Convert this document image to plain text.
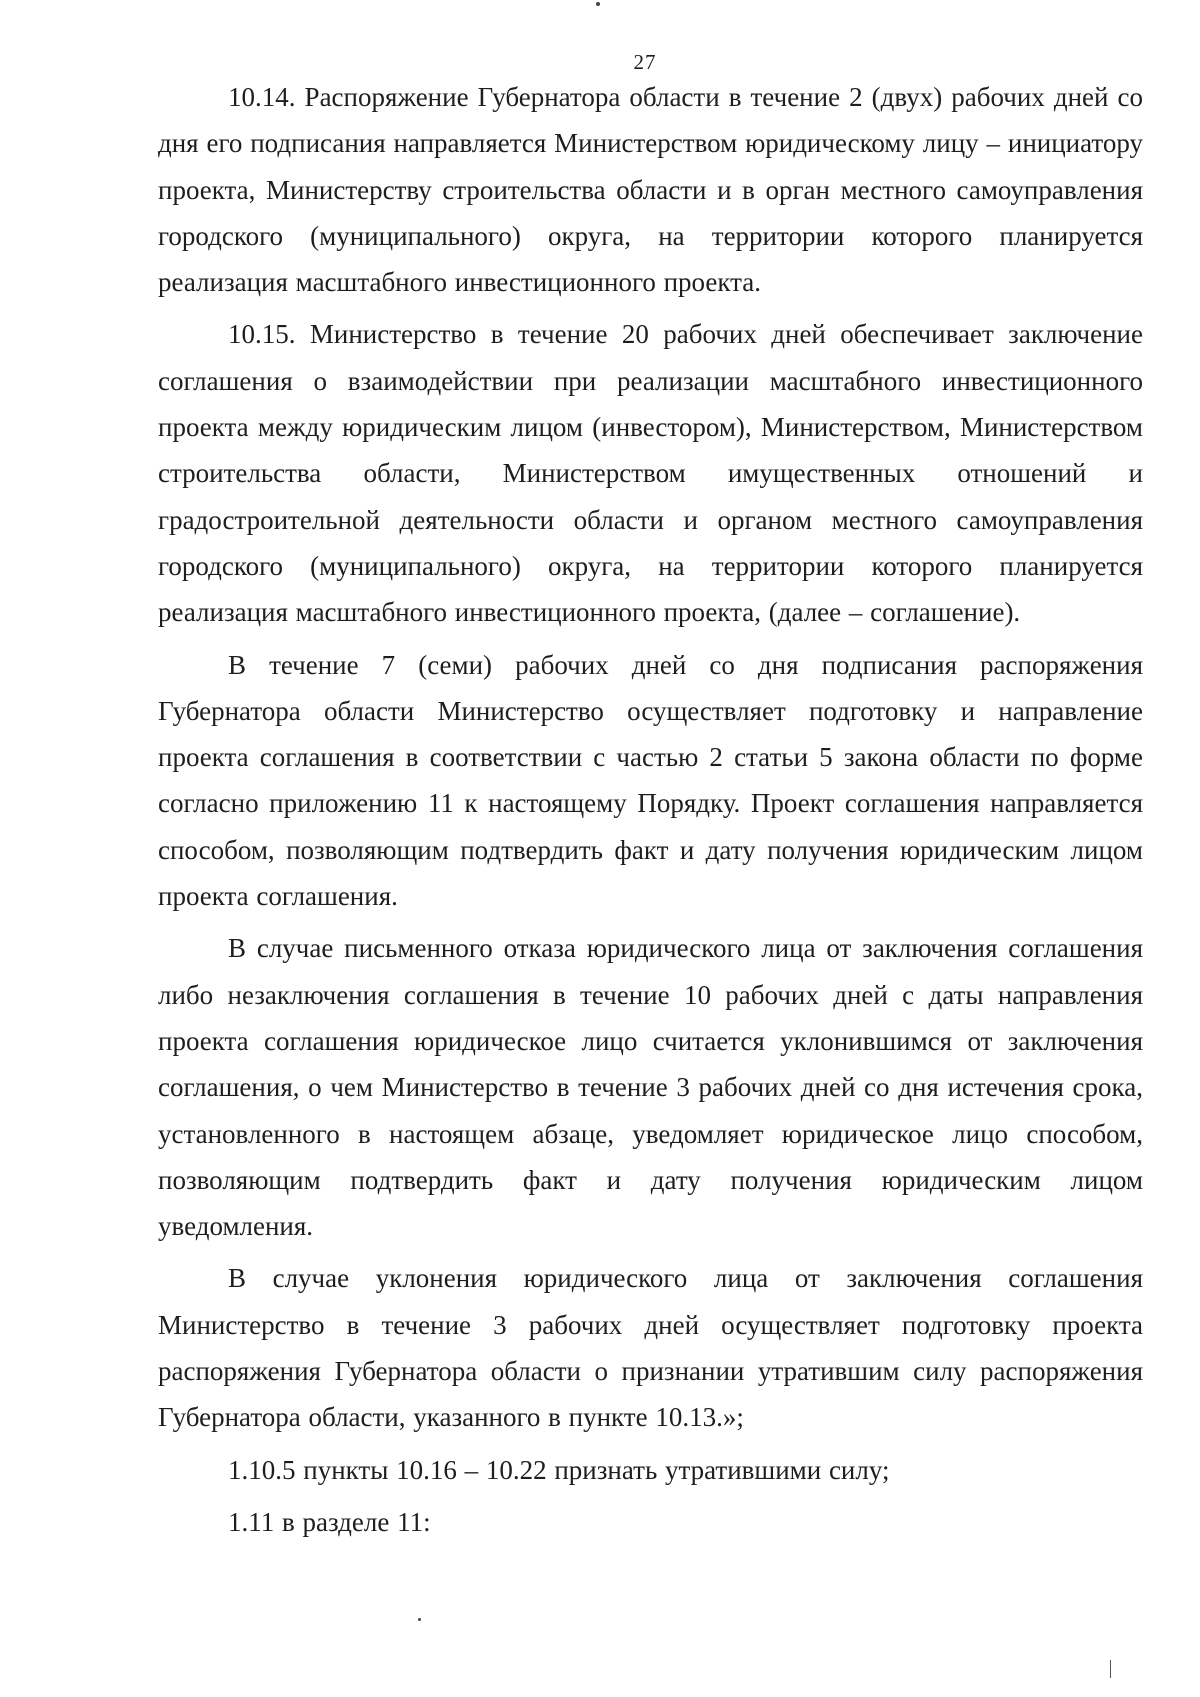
27

10.14. Распоряжение Губернатора области в течение 2 (двух) рабочих дней со дня его подписания направляется Министерством юридическому лицу – инициатору проекта, Министерству строительства области и в орган местного самоуправления городского (муниципального) округа, на территории которого планируется реализация масштабного инвестиционного проекта.

10.15. Министерство в течение 20 рабочих дней обеспечивает заключение соглашения о взаимодействии при реализации масштабного инвестиционного проекта между юридическим лицом (инвестором), Министерством, Министерством строительства области, Министерством имущественных отношений и градостроительной деятельности области и органом местного самоуправления городского (муниципального) округа, на территории которого планируется реализация масштабного инвестиционного проекта, (далее – соглашение).

В течение 7 (семи) рабочих дней со дня подписания распоряжения Губернатора области Министерство осуществляет подготовку и направление проекта соглашения в соответствии с частью 2 статьи 5 закона области по форме согласно приложению 11 к настоящему Порядку. Проект соглашения направляется способом, позволяющим подтвердить факт и дату получения юридическим лицом проекта соглашения.

В случае письменного отказа юридического лица от заключения соглашения либо незаключения соглашения в течение 10 рабочих дней с даты направления проекта соглашения юридическое лицо считается уклонившимся от заключения соглашения, о чем Министерство в течение 3 рабочих дней со дня истечения срока, установленного в настоящем абзаце, уведомляет юридическое лицо способом, позволяющим подтвердить факт и дату получения юридическим лицом уведомления.

В случае уклонения юридического лица от заключения соглашения Министерство в течение 3 рабочих дней осуществляет подготовку проекта распоряжения Губернатора области о признании утратившим силу распоряжения Губернатора области, указанного в пункте 10.13.»;

1.10.5 пункты 10.16 – 10.22 признать утратившими силу;

1.11 в разделе 11:
